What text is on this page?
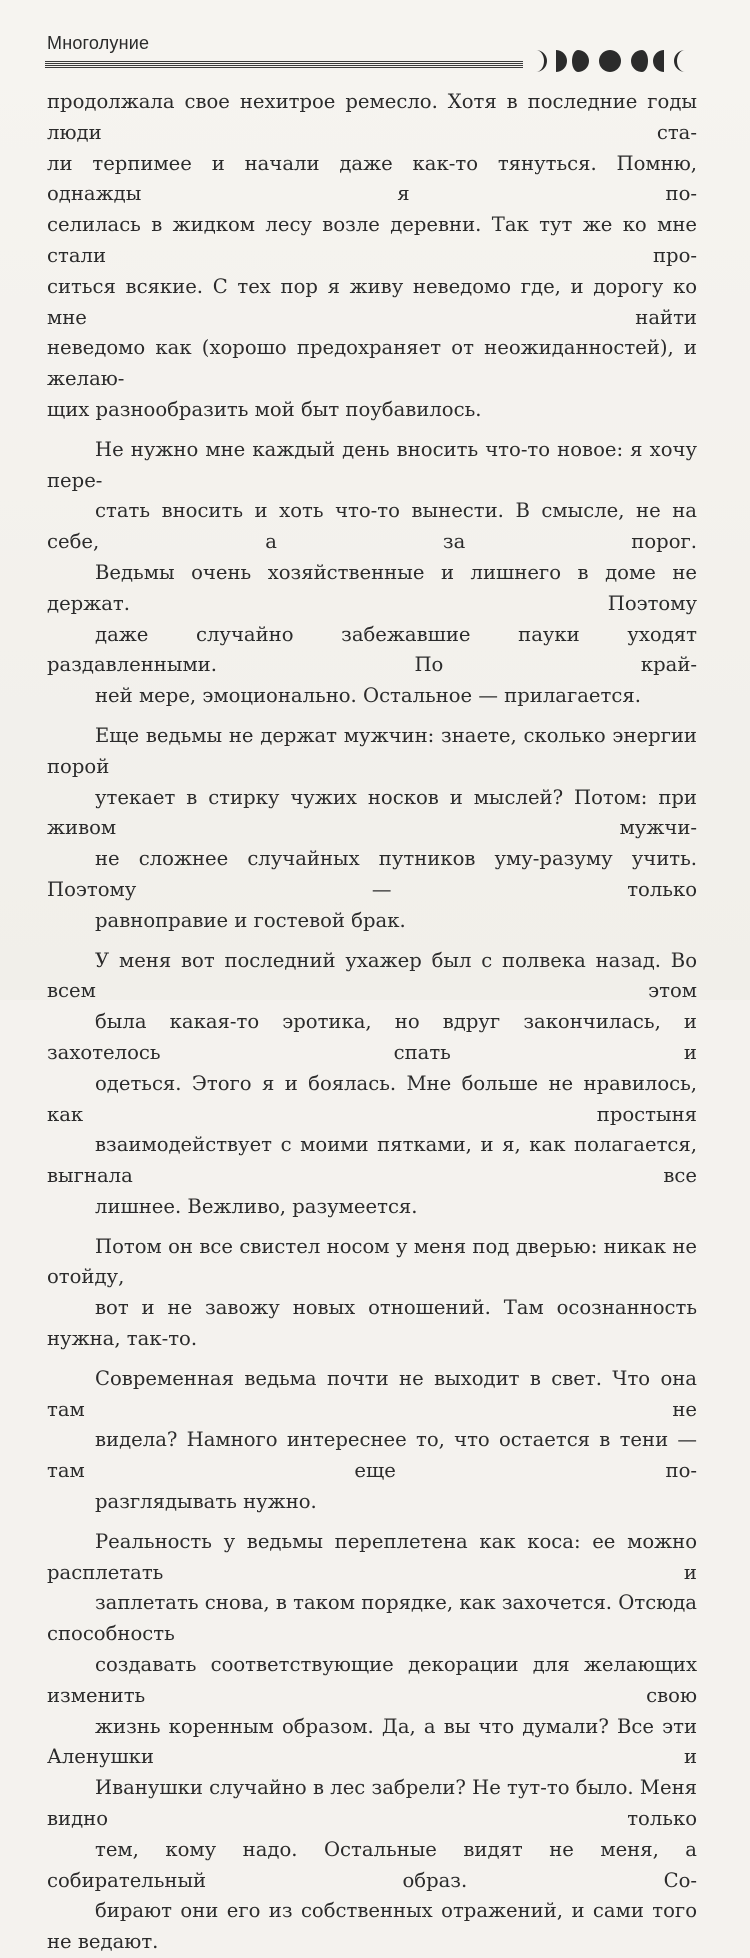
Многолуние

продолжала свое нехитрое ремесло. Хотя в последние годы люди ста-
ли терпимее и начали даже как-то тянуться. Помню, однажды я по-
селилась в жидком лесу возле деревни. Так тут же ко мне стали про-
ситься всякие. С тех пор я живу неведомо где, и дорогу ко мне найти
неведомо как (хорошо предохраняет от неожиданностей), и желаю-
щих разнообразить мой быт поубавилось.

Не нужно мне каждый день вносить что-то новое: я хочу пере-
стать вносить и хоть что-то вынести. В смысле, не на себе, а за порог.
Ведьмы очень хозяйственные и лишнего в доме не держат. Поэтому
даже случайно забежавшие пауки уходят раздавленными. По край-
ней мере, эмоционально. Остальное — прилагается.

Еще ведьмы не держат мужчин: знаете, сколько энергии порой
утекает в стирку чужих носков и мыслей? Потом: при живом мужчи-
не сложнее случайных путников уму-разуму учить. Поэтому — только
равноправие и гостевой брак.

У меня вот последний ухажер был с полвека назад. Во всем этом
была какая-то эротика, но вдруг закончилась, и захотелось спать и
одеться. Этого я и боялась. Мне больше не нравилось, как простыня
взаимодействует с моими пятками, и я, как полагается, выгнала все
лишнее. Вежливо, разумеется.

Потом он все свистел носом у меня под дверью: никак не отойду,
вот и не завожу новых отношений. Там осознанность нужна, так-то.

Современная ведьма почти не выходит в свет. Что она там не
видела? Намного интереснее то, что остается в тени — там еще по-
разглядывать нужно.

Реальность у ведьмы переплетена как коса: ее можно расплетать и
заплетать снова, в таком порядке, как захочется. Отсюда способность
создавать соответствующие декорации для желающих изменить свою
жизнь коренным образом. Да, а вы что думали? Все эти Аленушки и
Иванушки случайно в лес забрели? Не тут-то было. Меня видно только
тем, кому надо. Остальные видят не меня, а собирательный образ. Со-
бирают они его из собственных отражений, и сами того не ведают.
